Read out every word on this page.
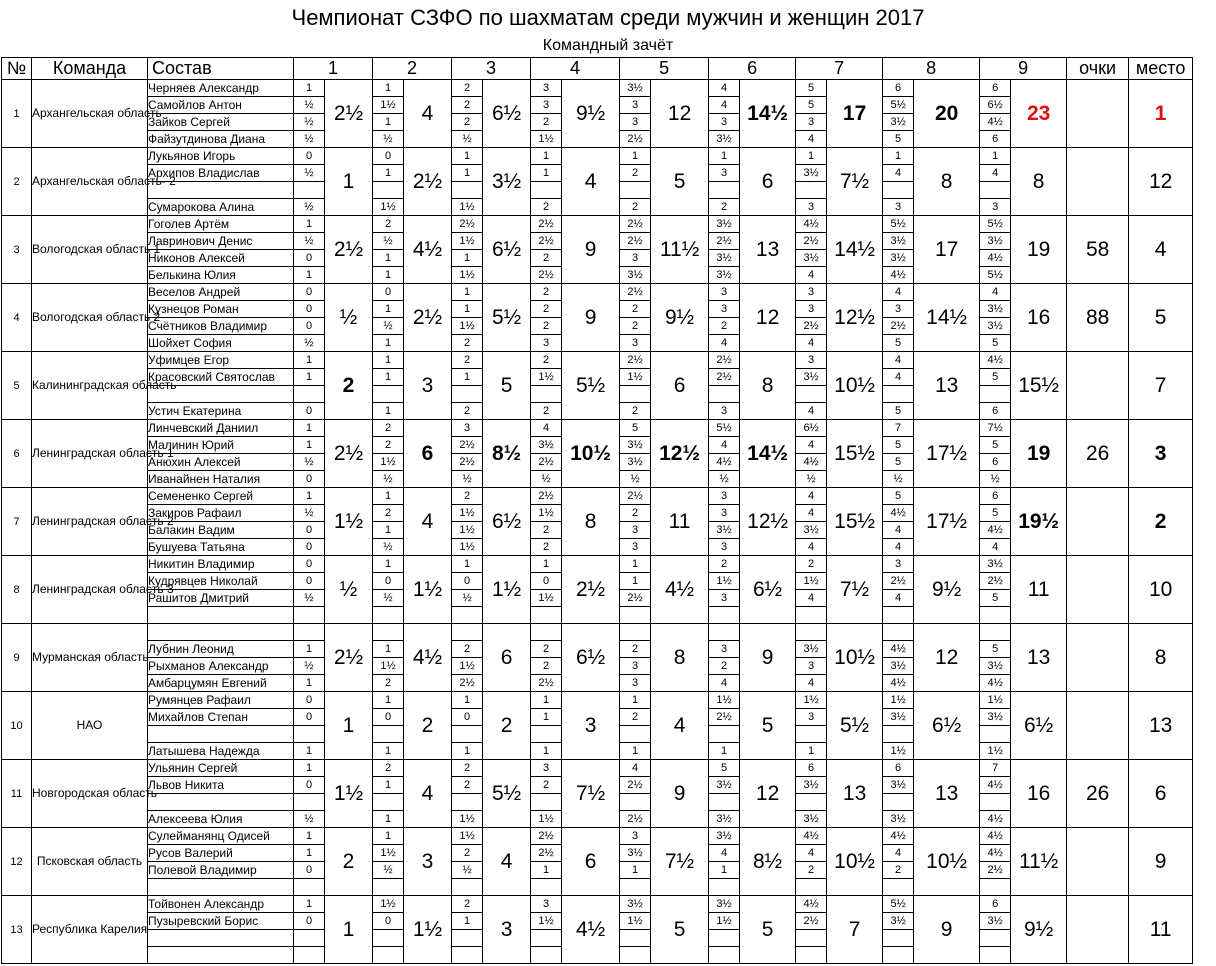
Чемпионат СЗФО по шахматам среди мужчин и женщин 2017
Командный зачёт
№	Команда	Состав	1		2		3		4		5		6		7		8		9		очки	место
1	Архангельская область	Черняев Александр	1	2½	1	4	2	6½	3	9½	3½	12	4	14½	5	17	6	20	6	23		1
		Самойлов Антон	½		1½		2		3		3		4		5		5½		6½			
		Зайков Сергей	½		1		2		2		3		3		3		3½		4½			
		Файзутдинова Диана	½		½		½		1½		2½		3½		4		5		6			
2	Архангельская область- 2	Лукьянов Игорь	0	1	0	2½	1	3½	1	4	1	5	1	6	1	7½	1	8	1	8		12
		Архипов Владислав	½		1		1		1		2		3		3½		4		4			

		Сумарокова Алина	½		1½		1½		2		2		2		3		3		3			
3	Вологодская область 1	Гоголев Артём	1	2½	2	4½	2½	6½	2½	9	2½	11½	3½	13	4½	14½	5½	17	5½	19	58	4
		Лавринович Денис	½		½		1½		2½		2½		2½		2½		3½		3½			
		Никонов Алексей	0		1		1		2		3		3½		3½		3½		4½			
		Белькина Юлия	1		1		1½		2½		3½		3½		4		4½		5½			
4	Вологодская область 2	Веселов Андрей	0	½	0	2½	1	5½	2	9	2½	9½	3	12	3	12½	4	14½	4	16	88	5
		Кузнецов Роман	0		1		1		2		2		3		3		3		3½			
		Счётников Владимир	0		½		1½		2		2		2		2½		2½		3½			
		Шойхет София	½		1		2		3		3		4		4		5		5			
5	Калининградская область	Уфимцев Егор	1	2	1	3	2	5	2	5½	2½	6	2½	8	3	10½	4	13	4½	15½		7
		Красовский Святослав	1		1		1		1½		1½		2½		3½		4		5			

		Устич Екатерина	0		1		2		2		2		3		4		5		6			
6	Ленинградская область 1	Линчевский Даниил	1	2½	2	6	3	8½	4	10½	5	12½	5½	14½	6½	15½	7	17½	7½	19	26	3
		Малинин Юрий	1		2		2½		3½		3½		4		4		5		5			
		Анюхин Алексей	½		1½		2½		2½		3½		4½		4½		5		6			
		Иванайнен Наталия	0		½		½		½		½		½		½		½		½			
7	Ленинградская область 2	Семененко Сергей	1	1½	1	4	2	6½	2½	8	2½	11	3	12½	4	15½	5	17½	6	19½		2
		Закиров Рафаил	½		2		1½		1½		2		3		4		4½		5			
		Балакин Вадим	0		1		1½		2		3		3½		3½		4		4½			
		Бушуева Татьяна	0		½		1½		2		3		3		4		4		4			
8	Ленинградская область 3	Никитин Владимир	0	½	1	1½	1	1½	1	2½	1	4½	2	6½	2	7½	3	9½	3½	11		10
		Кудрявцев Николай	0		0		0		0		1		1½		1½		2½		2½			
		Рашитов Дмитрий	½		½		½		1½		2½		3		4		4		5			

9	Мурманская область			2½		4½		6		6½		8		9		10½		12		13		8
		Лубнин Леонид	1		1		2		2		2		3		3½		4½		5			
		Рыхманов Александр	½		1½		1½		2		3		2		3		3½		3½			
		Амбарцумян Евгений	1		2		2½		2½		3		4		4		4½		4½			
10	НАО	Румянцев Рафаил	0	1	1	2	1	2	1	3	1	4	1½	5	1½	5½	1½	6½	1½	6½		13
		Михайлов Степан	0		0		0		1		2		2½		3		3½		3½			

		Латышева Надежда	1		1		1		1		1		1		1		1½		1½			
11	Новгородская область	Ульянин Сергей	1	1½	2	4	2	5½	3	7½	4	9	5	12	6	13	6	13	7	16	26	6
		Львов Никита	0		1		2		2		2½		3½		3½		3½		4½			

		Алексеева Юлия	½		1		1½		1½		2½		3½		3½		3½		4½			
12	Псковская область	Сулейманянц Одисей	1	2	1	3	1½	4	2½	6	3	7½	3½	8½	4½	10½	4½	10½	4½	11½		9
		Русов Валерий	1		1½		2		2½		3½		4		4		4		4½			
		Полевой Владимир	0		½		½		1		1		1		2		2		2½			

13	Республика Карелия	Тойвонен Александр	1	1	1½	1½	2	3	3	4½	3½	5	3½	5	4½	7	5½	9	6	9½		11
		Пузыревский Борис	0		0		1		1½		1½		1½		2½		3½		3½			
